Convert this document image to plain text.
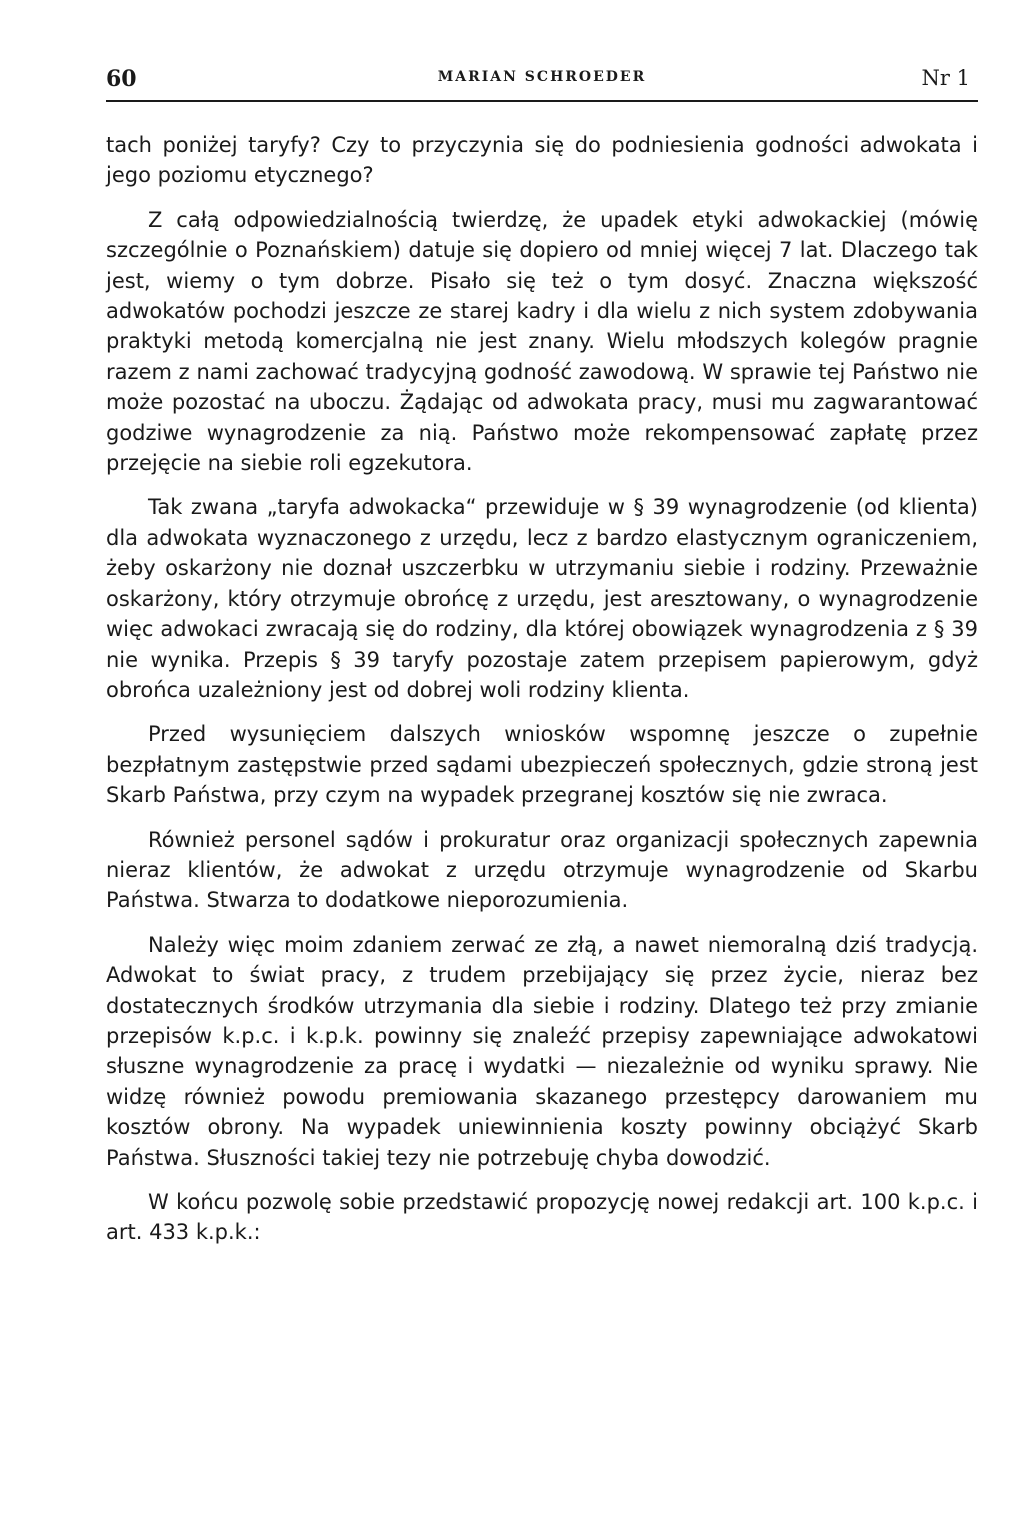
60	MARIAN SCHROEDER	Nr 1

tach poniżej taryfy? Czy to przyczynia się do podniesienia godności adwokata i jego poziomu etycznego?

Z całą odpowiedzialnością twierdzę, że upadek etyki adwokackiej (mówię szczególnie o Poznańskiem) datuje się dopiero od mniej więcej 7 lat. Dlaczego tak jest, wiemy o tym dobrze. Pisało się też o tym dosyć. Znaczna większość adwokatów pochodzi jeszcze ze starej kadry i dla wielu z nich system zdobywania praktyki metodą komercjalną nie jest znany. Wielu młodszych kolegów pragnie razem z nami zachować tradycyjną godność zawodową. W sprawie tej Państwo nie może pozostać na uboczu. Żądając od adwokata pracy, musi mu zagwarantować godziwe wynagrodzenie za nią. Państwo może rekompensować zapłatę przez przejęcie na siebie roli egzekutora.

Tak zwana „taryfa adwokacka“ przewiduje w § 39 wynagrodzenie (od klienta) dla adwokata wyznaczonego z urzędu, lecz z bardzo elastycznym ograniczeniem, żeby oskarżony nie doznał uszczerbku w utrzymaniu siebie i rodziny. Przeważnie oskarżony, który otrzymuje obrońcę z urzędu, jest aresztowany, o wynagrodzenie więc adwokaci zwracają się do rodziny, dla której obowiązek wynagrodzenia z § 39 nie wynika. Przepis § 39 taryfy pozostaje zatem przepisem papierowym, gdyż obrońca uzależniony jest od dobrej woli rodziny klienta.

Przed wysunięciem dalszych wniosków wspomnę jeszcze o zupełnie bezpłatnym zastępstwie przed sądami ubezpieczeń społecznych, gdzie stroną jest Skarb Państwa, przy czym na wypadek przegranej kosztów się nie zwraca.

Również personel sądów i prokuratur oraz organizacji społecznych zapewnia nieraz klientów, że adwokat z urzędu otrzymuje wynagrodzenie od Skarbu Państwa. Stwarza to dodatkowe nieporozumienia.

Należy więc moim zdaniem zerwać ze złą, a nawet niemoralną dziś tradycją. Adwokat to świat pracy, z trudem przebijający się przez życie, nieraz bez dostatecznych środków utrzymania dla siebie i rodziny. Dlatego też przy zmianie przepisów k.p.c. i k.p.k. powinny się znaleźć przepisy zapewniające adwokatowi słuszne wynagrodzenie za pracę i wydatki — niezależnie od wyniku sprawy. Nie widzę również powodu premiowania skazanego przestępcy darowaniem mu kosztów obrony. Na wypadek uniewinnienia koszty powinny obciążyć Skarb Państwa. Słuszności takiej tezy nie potrzebuję chyba dowodzić.

W końcu pozwolę sobie przedstawić propozycję nowej redakcji art. 100 k.p.c. i art. 433 k.p.k.:
